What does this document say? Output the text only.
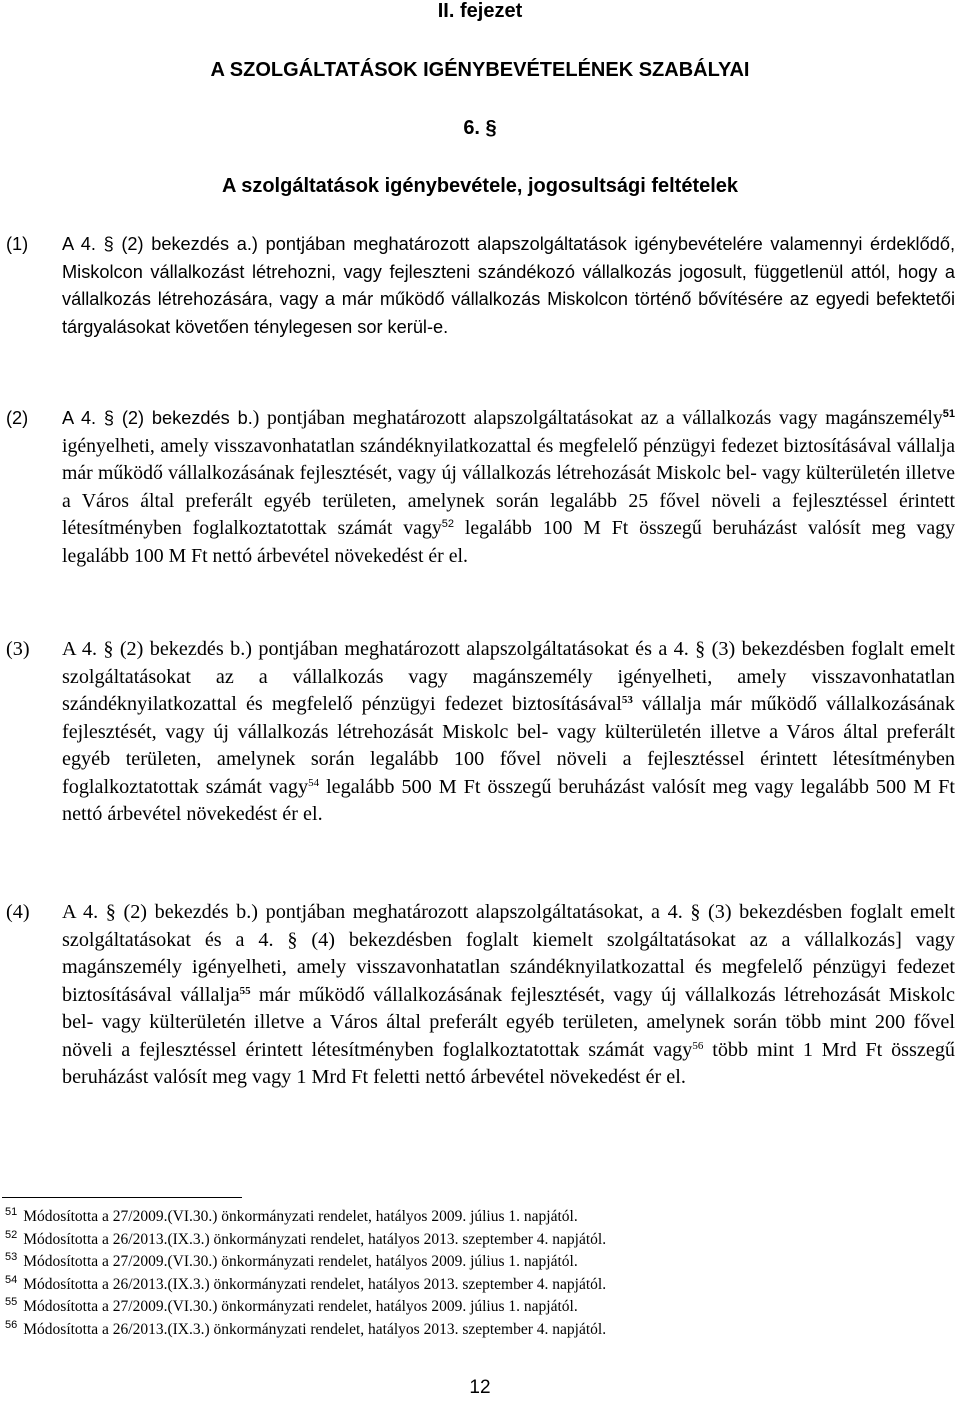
II. fejezet
A SZOLGÁLTATÁSOK IGÉNYBEVÉTELÉNEK SZABÁLYAI
6. §
A szolgáltatások igénybevétele, jogosultsági feltételek
(1) A 4. § (2) bekezdés a.) pontjában meghatározott alapszolgáltatások igénybevételére valamennyi érdeklődő, Miskolcon vállalkozást létrehozni, vagy fejleszteni szándékozó vállalkozás jogosult, függetlenül attól, hogy a vállalkozás létrehozására, vagy a már működő vállalkozás Miskolcon történő bővítésére az egyedi befektetői tárgyalásokat követően ténylegesen sor kerül-e.
(2) A 4. § (2) bekezdés b.) pontjában meghatározott alapszolgáltatásokat az a vállalkozás vagy magánszemély$^{51}$ igényelheti, amely visszavonhatatlan szándéknyilatkozattal és megfelelő pénzügyi fedezet biztosításával vállalja már működő vállalkozásának fejlesztését, vagy új vállalkozás létrehozását Miskolc bel- vagy külterületén illetve a Város által preferált egyéb területen, amelynek során legalább 25 fővel növeli a fejlesztéssel érintett létesítményben foglalkoztatottak számát vagy$^{52}$ legalább 100 M Ft összegű beruházást valósít meg vagy legalább 100 M Ft nettó árbevétel növekedést ér el.
(3) A 4. § (2) bekezdés b.) pontjában meghatározott alapszolgáltatásokat és a 4. § (3) bekezdésben foglalt emelt szolgáltatásokat az a vállalkozás vagy magánszemély igényelheti, amely visszavonhatatlan szándéknyilatkozattal és megfelelő pénzügyi fedezet biztosításával$^{53}$ vállalja már működő vállalkozásának fejlesztését, vagy új vállalkozás létrehozását Miskolc bel- vagy külterületén illetve a Város által preferált egyéb területen, amelynek során legalább 100 fővel növeli a fejlesztéssel érintett létesítményben foglalkoztatottak számát vagy$^{54}$ legalább 500 M Ft összegű beruházást valósít meg vagy legalább 500 M Ft nettó árbevétel növekedést ér el.
(4) A 4. § (2) bekezdés b.) pontjában meghatározott alapszolgáltatásokat, a 4. § (3) bekezdésben foglalt emelt szolgáltatásokat és a 4. § (4) bekezdésben foglalt kiemelt szolgáltatásokat az a vállalkozás] vagy magánszemély igényelheti, amely visszavonhatatlan szándéknyilatkozattal és megfelelő pénzügyi fedezet biztosításával vállalja$^{55}$ már működő vállalkozásának fejlesztését, vagy új vállalkozás létrehozását Miskolc bel- vagy külterületén illetve a Város által preferált egyéb területen, amelynek során több mint 200 fővel növeli a fejlesztéssel érintett létesítményben foglalkoztatottak számát vagy$^{56}$ több mint 1 Mrd Ft összegű beruházást valósít meg vagy 1 Mrd Ft feletti nettó árbevétel növekedést ér el.
$^{51}$ Módosította a 27/2009.(VI.30.) önkormányzati rendelet, hatályos 2009. július 1. napjától.
$^{52}$ Módosította a 26/2013.(IX.3.) önkormányzati rendelet, hatályos 2013. szeptember 4. napjától.
$^{53}$ Módosította a 27/2009.(VI.30.) önkormányzati rendelet, hatályos 2009. július 1. napjától.
$^{54}$ Módosította a 26/2013.(IX.3.) önkormányzati rendelet, hatályos 2013. szeptember 4. napjától.
$^{55}$ Módosította a 27/2009.(VI.30.) önkormányzati rendelet, hatályos 2009. július 1. napjától.
$^{56}$ Módosította a 26/2013.(IX.3.) önkormányzati rendelet, hatályos 2013. szeptember 4. napjától.
12
